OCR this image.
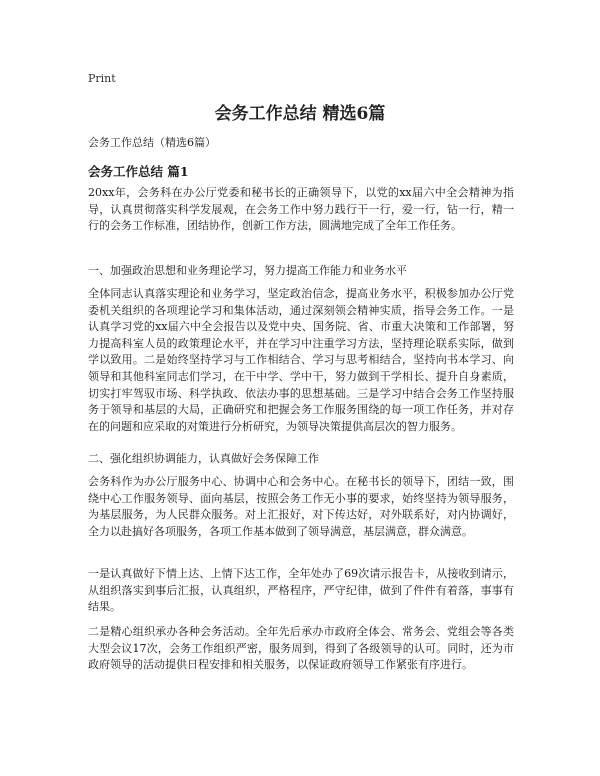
Print
会务工作总结 精选6篇
会务工作总结（精选6篇）
会务工作总结 篇1

20xx年，会务科在办公厅党委和秘书长的正确领导下，以党的xx届六中全会精神为指导，认真贯彻落实科学发展观，在会务工作中努力践行干一行，爱一行，钻一行，精一行的会务工作标准，团结协作，创新工作方法，圆满地完成了全年工作任务。

一、加强政治思想和业务理论学习，努力提高工作能力和业务水平

全体同志认真落实理论和业务学习，坚定政治信念，提高业务水平，积极参加办公厅党委机关组织的各项理论学习和集体活动，通过深刻领会精神实质，指导会务工作。一是认真学习党的xx届六中全会报告以及党中央、国务院、省、市重大决策和工作部署，努力提高科室人员的政策理论水平，并在学习中注重学习方法，坚持理论联系实际，做到学以致用。二是始终坚持学习与工作相结合、学习与思考相结合，坚持向书本学习、向领导和其他科室同志们学习，在干中学、学中干，努力做到干学相长、提升自身素质，切实打牢驾驭市场、科学执政、依法办事的思想基础。三是学习中结合会务工作坚持服务于领导和基层的大局，正确研究和把握会务工作服务围绕的每一项工作任务，并对存在的问题和应采取的对策进行分析研究，为领导决策提供高层次的智力服务。

二、强化组织协调能力，认真做好会务保障工作

会务科作为办公厅服务中心、协调中心和会务中心。在秘书长的领导下，团结一致，围绕中心工作服务领导、面向基层，按照会务工作无小事的要求，始终坚持为领导服务，为基层服务，为人民群众服务。对上汇报好，对下传达好，对外联系好，对内协调好，全力以赴搞好各项服务，各项工作基本做到了领导满意，基层满意，群众满意。

一是认真做好下情上达、上情下达工作，全年处办了69次请示报告卡，从接收到请示，从组织落实到事后汇报，认真组织，严格程序，严守纪律，做到了件件有着落，事事有结果。

二是精心组织承办各种会务活动。全年先后承办市政府全体会、常务会、党组会等各类大型会议17次，会务工作组织严密，服务周到，得到了各级领导的认可。同时，还为市政府领导的活动提供日程安排和相关服务，以保证政府领导工作紧张有序进行。
